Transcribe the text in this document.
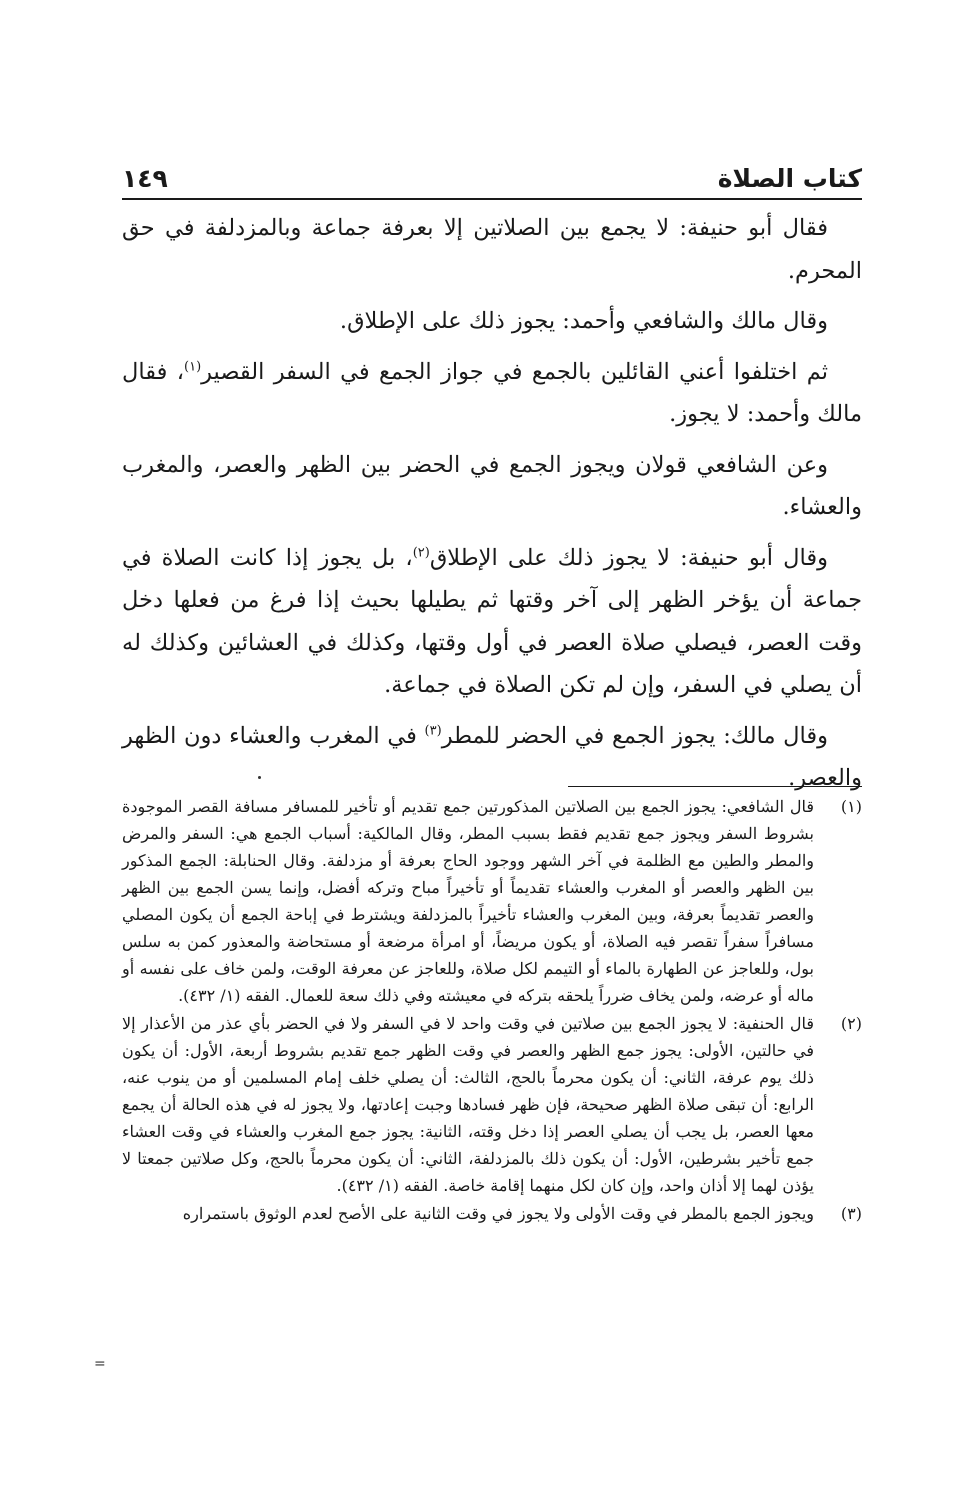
كتاب الصلاة
١٤٩

فقال أبو حنيفة: لا يجمع بين الصلاتين إلا بعرفة جماعة وبالمزدلفة في حق المحرم.

وقال مالك والشافعي وأحمد: يجوز ذلك على الإطلاق.

ثم اختلفوا أعني القائلين بالجمع في جواز الجمع في السفر القصير$^{(١)}$، فقال مالك وأحمد: لا يجوز.

وعن الشافعي قولان ويجوز الجمع في الحضر بين الظهر والعصر، والمغرب والعشاء.

وقال أبو حنيفة: لا يجوز ذلك على الإطلاق$^{(٢)}$، بل يجوز إذا كانت الصلاة في جماعة أن يؤخر الظهر إلى آخر وقتها ثم يطيلها بحيث إذا فرغ من فعلها دخل وقت العصر، فيصلي صلاة العصر في أول وقتها، وكذلك في العشائين وكذلك له أن يصلي في السفر، وإن لم تكن الصلاة في جماعة.

وقال مالك: يجوز الجمع في الحضر للمطر$^{(٣)}$ في المغرب والعشاء دون الظهر والعصر.

(١)
قال الشافعي: يجوز الجمع بين الصلاتين المذكورتين جمع تقديم أو تأخير للمسافر مسافة القصر الموجودة بشروط السفر ويجوز جمع تقديم فقط بسبب المطر، وقال المالكية: أسباب الجمع هي: السفر والمرض والمطر والطين مع الظلمة في آخر الشهر ووجود الحاج بعرفة أو مزدلفة. وقال الحنابلة: الجمع المذكور بين الظهر والعصر أو المغرب والعشاء تقديماً أو تأخيراً مباح وتركه أفضل، وإنما يسن الجمع بين الظهر والعصر تقديماً بعرفة، وبين المغرب والعشاء تأخيراً بالمزدلفة ويشترط في إباحة الجمع أن يكون المصلي مسافراً سفراً تقصر فيه الصلاة، أو يكون مريضاً، أو امرأة مرضعة أو مستحاضة والمعذور كمن به سلس بول، وللعاجز عن الطهارة بالماء أو التيمم لكل صلاة، وللعاجز عن معرفة الوقت، ولمن خاف على نفسه أو ماله أو عرضه، ولمن يخاف ضرراً يلحقه بتركه في معيشته وفي ذلك سعة للعمال. الفقه (١/ ٤٣٢).
(٢)
قال الحنفية: لا يجوز الجمع بين صلاتين في وقت واحد لا في السفر ولا في الحضر بأي عذر من الأعذار إلا في حالتين، الأولى: يجوز جمع الظهر والعصر في وقت الظهر جمع تقديم بشروط أربعة، الأول: أن يكون ذلك يوم عرفة، الثاني: أن يكون محرماً بالحج، الثالث: أن يصلي خلف إمام المسلمين أو من ينوب عنه، الرابع: أن تبقى صلاة الظهر صحيحة، فإن ظهر فسادها وجبت إعادتها، ولا يجوز له في هذه الحالة أن يجمع معها العصر، بل يجب أن يصلي العصر إذا دخل وقته، الثانية: يجوز جمع المغرب والعشاء في وقت العشاء جمع تأخير بشرطين، الأول: أن يكون ذلك بالمزدلفة، الثاني: أن يكون محرماً بالحج، وكل صلاتين جمعتا لا يؤذن لهما إلا أذان واحد، وإن كان لكل منهما إقامة خاصة. الفقه (١/ ٤٣٢).
(٣)
ويجوز الجمع بالمطر في وقت الأولى ولا يجوز في وقت الثانية على الأصح لعدم الوثوق باستمراره
=
